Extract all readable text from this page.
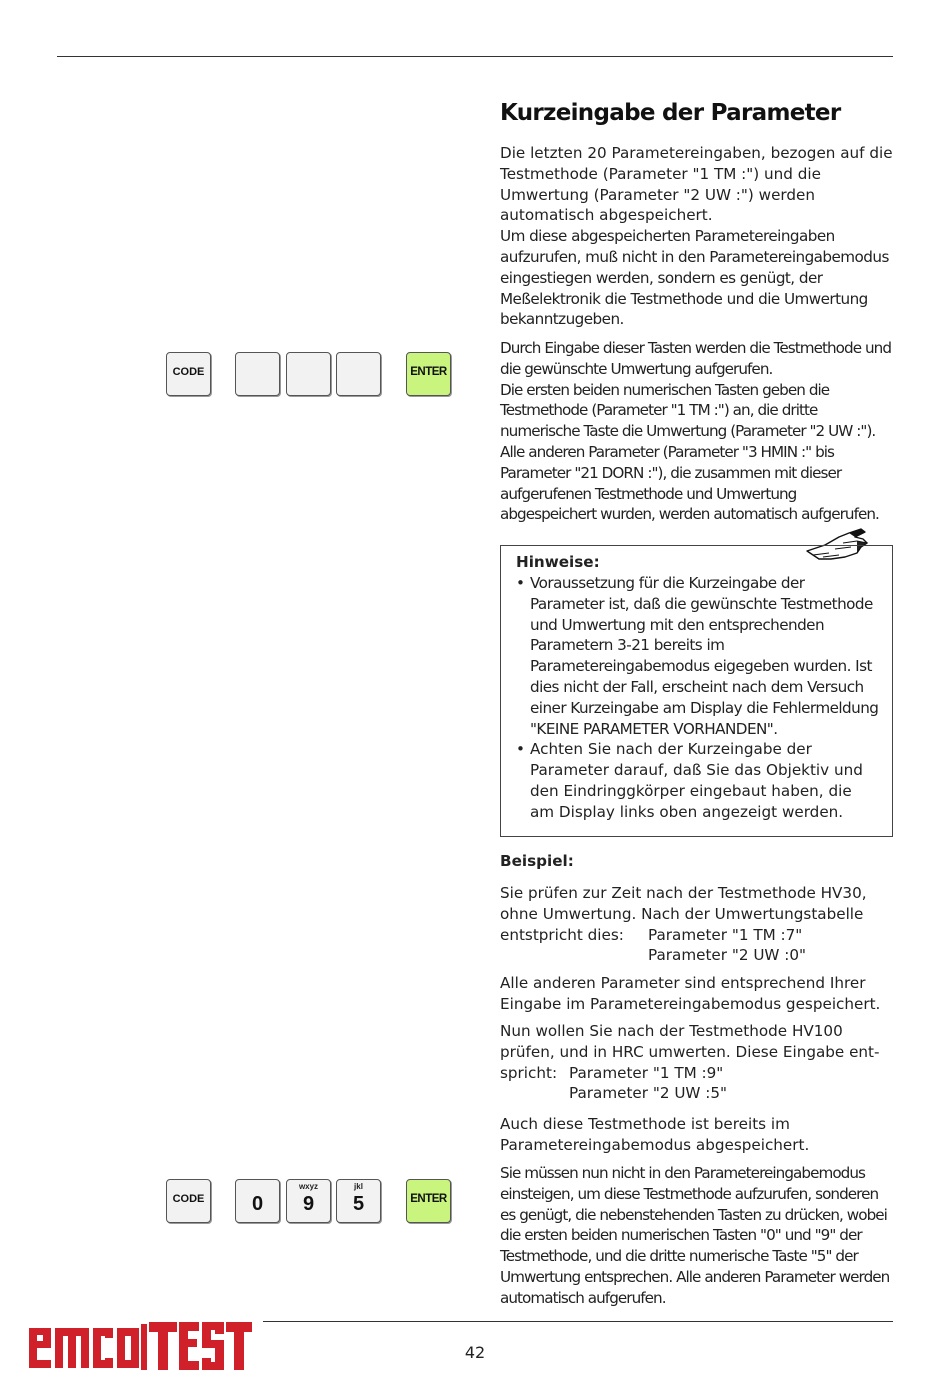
Kurzeingabe der Parameter

Die letzten 20 Parametereingaben, bezogen auf die Testmethode (Parameter "1 TM :") und die Umwertung (Parameter "2 UW :") werden automatisch abgespeichert.

Um diese abgespeicherten Parametereingaben aufzurufen, muß nicht in den Parametereingabemodus eingestiegen werden, sondern es genügt, der Meßelektronik die Testmethode und die Umwertung bekanntzugeben.

Durch Eingabe dieser Tasten werden die Testmethode und die gewünschte Umwertung aufgerufen.

Die ersten beiden numerischen Tasten geben die Testmethode (Parameter "1 TM :") an, die dritte numerische Taste die Umwertung (Parameter "2 UW :").

Alle anderen Parameter (Parameter "3 HMIN :" bis Parameter "21 DORN :"), die zusammen mit dieser aufgerufenen Testmethode und Umwertung abgespeichert wurden, werden automatisch aufgerufen.

CODE	ENTER
Hinweise:
• Voraussetzung für die Kurzeingabe der Parameter ist, daß die gewünschte Testmethode und Umwertung mit den entsprechenden Parametern 3-21 bereits im Parametereingabemodus eigegeben wurden. Ist dies nicht der Fall, erscheint nach dem Versuch einer Kurzeingabe am Display die Fehlermeldung "KEINE PARAMETER VORHANDEN".
• Achten Sie nach der Kurzeingabe der Parameter darauf, daß Sie das Objektiv und den Eindringgkörper eingebaut haben, die am Display links oben angezeigt werden.
Beispiel:

Sie prüfen zur Zeit nach der Testmethode HV30, ohne Umwertung. Nach der Umwertungstabelle

entstpricht dies:	Parameter "1 TM :7"
Parameter "2 UW :0"

Alle anderen Parameter sind entsprechend Ihrer Eingabe im Parametereingabemodus gespeichert.

Nun wollen Sie nach der Testmethode HV100 prüfen, und in HRC umwerten. Diese Eingabe ent-

spricht: Parameter "1 TM :9"
Parameter "2 UW :5"

Auch diese Testmethode ist bereits im Parametereingabemodus abgespeichert.

Sie müssen nun nicht in den Parametereingabemodus einsteigen, um diese Testmethode aufzurufen, sonderen es genügt, die nebenstehenden Tasten zu drücken, wobei die ersten beiden numerischen Tasten "0" und "9" der Testmethode, und die dritte numerische Taste "5" der Umwertung entsprechen. Alle anderen Parameter werden automatisch aufgerufen.

CODE	0
wxyz
9
jkl
5	ENTER
42
